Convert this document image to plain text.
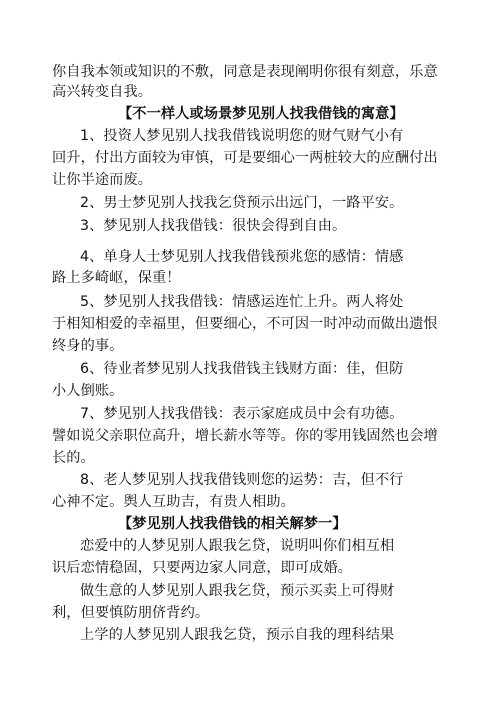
你自我本领或知识的不敷，同意是表现阐明你很有刻意，乐意
高兴转变自我。
【不一样人或场景梦见别人找我借钱的寓意】
1、投资人梦见别人找我借钱说明您的财气财气小有
回升，付出方面较为审慎，可是要细心一两桩较大的应酬付出
让你半途而废。
2、男士梦见别人找我乞贷预示出远门，一路平安。
3、梦见别人找我借钱：很快会得到自由。
4、单身人士梦见别人找我借钱预兆您的感情：情感
路上多崎岖，保重！
5、梦见别人找我借钱：情感运连忙上升。两人将处
于相知相爱的幸福里，但要细心，不可因一时冲动而做出遗恨
终身的事。
6、待业者梦见别人找我借钱主钱财方面：佳，但防
小人倒账。
7、梦见别人找我借钱：表示家庭成员中会有功德。
譬如说父亲职位高升，增长薪水等等。你的零用钱固然也会增
长的。
8、老人梦见别人找我借钱则您的运势：吉，但不行
心神不定。舆人互助吉，有贵人相助。
【梦见别人找我借钱的相关解梦一】
恋爱中的人梦见别人跟我乞贷，说明叫你们相互相
识后恋情稳固，只要两边家人同意，即可成婚。
做生意的人梦见别人跟我乞贷，预示买卖上可得财
利，但要慎防朋侪背约。
上学的人梦见别人跟我乞贷，预示自我的理科结果
